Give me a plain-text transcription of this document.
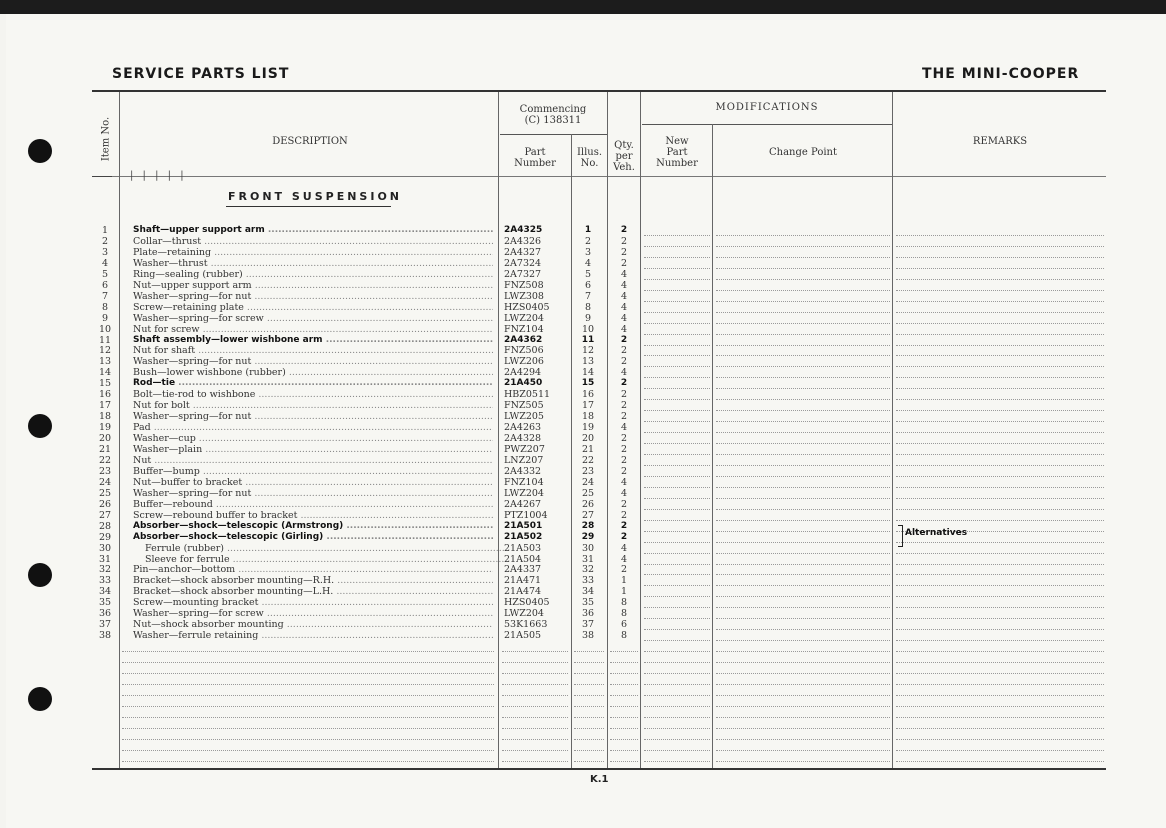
SERVICE PARTS LIST	THE MINI-COOPER
Item No.	DESCRIPTION
Commencing
(C) 138311
Part
Number
Illus.
No.
Qty.
per
Veh.
MODIFICATIONS
New
Part
Number
Change Point
REMARKS
| | | | |
FRONT SUSPENSION
1	Shaft—upper support arm .....	2A4325	1	2
2	Collar—thrust .....	2A4326	2	2
3	Plate—retaining .....	2A4327	3	2
4	Washer—thrust .....	2A7324	4	2
5	Ring—sealing (rubber) .....	2A7327	5	4
6	Nut—upper support arm .....	FNZ508	6	4
7	Washer—spring—for nut .....	LWZ308	7	4
8	Screw—retaining plate .....	HZS0405	8	4
9	Washer—spring—for screw .....	LWZ204	9	4
10	Nut for screw .....	FNZ104	10	4
11	Shaft assembly—lower wishbone arm .....	2A4362	11	2
12	Nut for shaft .....	FNZ506	12	2
13	Washer—spring—for nut .....	LWZ206	13	2
14	Bush—lower wishbone (rubber) .....	2A4294	14	4
15	Rod—tie .....	21A450	15	2
16	Bolt—tie-rod to wishbone .....	HBZ0511	16	2
17	Nut for bolt .....	FNZ505	17	2
18	Washer—spring—for nut .....	LWZ205	18	2
19	Pad .....	2A4263	19	4
20	Washer—cup .....	2A4328	20	2
21	Washer—plain .....	PWZ207	21	2
22	Nut .....	LNZ207	22	2
23	Buffer—bump .....	2A4332	23	2
24	Nut—buffer to bracket .....	FNZ104	24	4
25	Washer—spring—for nut .....	LWZ204	25	4
26	Buffer—rebound .....	2A4267	26	2
27	Screw—rebound buffer to bracket .....	PTZ1004	27	2
28	Absorber—shock—telescopic (Armstrong) .....	21A501	28	2
29	Absorber—shock—telescopic (Girling) .....	21A502	29	2
30	Ferrule (rubber) .....	21A503	30	4
31	Sleeve for ferrule .....	21A504	31	4
32	Pin—anchor—bottom .....	2A4337	32	2
33	Bracket—shock absorber mounting—R.H. .....	21A471	33	1
34	Bracket—shock absorber mounting—L.H. .....	21A474	34	1
35	Screw—mounting bracket .....	HZS0405	35	8
36	Washer—spring—for screw .....	LWZ204	36	8
37	Nut—shock absorber mounting .....	53K1663	37	6
38	Washer—ferrule retaining .....	21A505	38	8
Alternatives
K.1
